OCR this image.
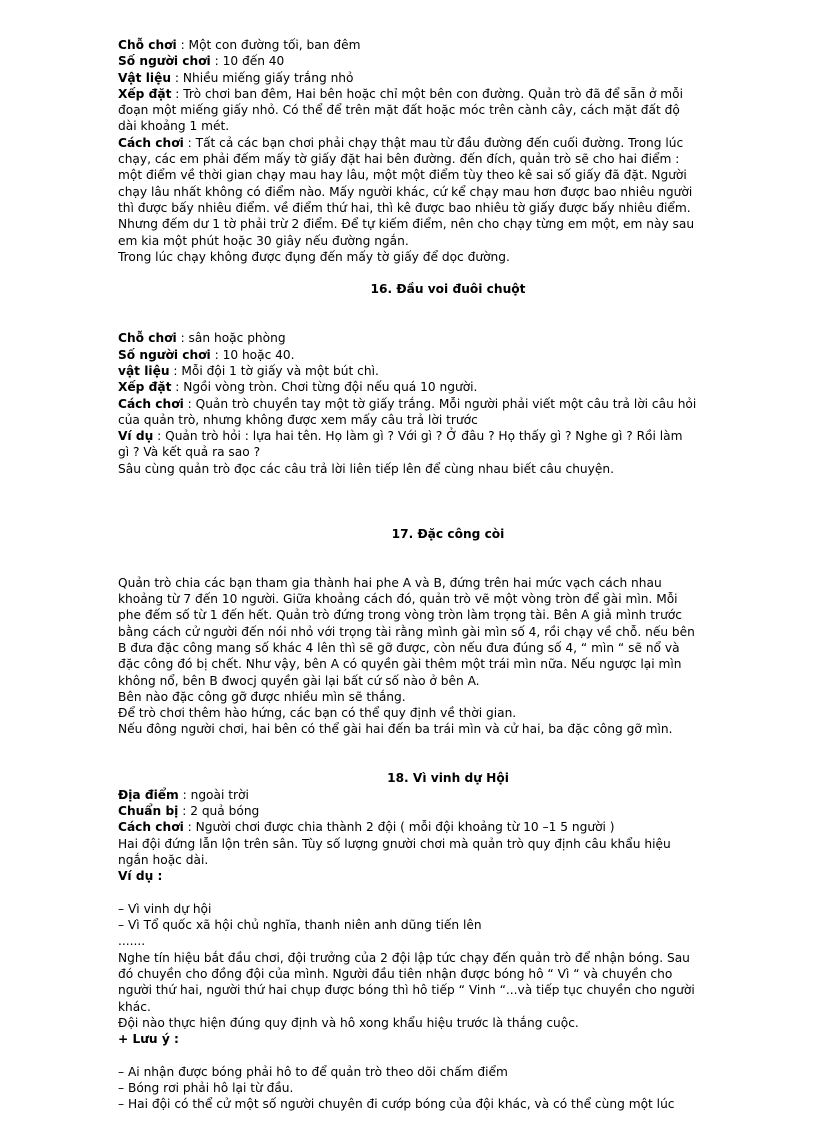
Chỗ chơi : Một con đường tối, ban đêm
Số người chơi : 10 đến 40
Vật liệu : Nhiều miếng giấy trắng nhỏ
Xếp đặt : Trò chơi ban đêm, Hai bên hoặc chỉ một bên con đường. Quản trò đã để sẵn ở mỗi
đoạn một miếng giấy nhỏ. Có thể để trên mặt đất hoặc móc trên cành cây, cách mặt đất độ
dài khoảng 1 mét.
Cách chơi : Tất cả các bạn chơi phải chạy thật mau từ đầu đường đến cuối đường. Trong lúc
chạy, các em phải đếm mấy tờ giấy đặt hai bên đường. đến đích, quản trò sẽ cho hai điểm :
một điểm về thời gian chạy mau hay lâu, một một điểm tùy theo kê sai số giấy đã đặt. Người
chạy lâu nhất không có điểm nào. Mấy người khác, cứ kể chạy mau hơn được bao nhiêu người
thì được bấy nhiêu điểm. về điểm thứ hai, thì kê được bao nhiêu tờ giấy được bấy nhiêu điểm.
Nhưng đếm dư 1 tờ phải trừ 2 điểm. Để tự kiếm điểm, nên cho chạy từng em một, em này sau
em kia một phút hoặc 30 giây nếu đường ngắn.
Trong lúc chạy không được đụng đến mấy tờ giấy để dọc đường.
16. Đầu voi đuôi chuột
Chỗ chơi : sân hoặc phòng
Số người chơi : 10 hoặc 40.
vật liệu : Mỗi đội 1 tờ giấy và một bút chì.
Xếp đặt : Ngồi vòng tròn. Chơi từng đội nếu quá 10 người.
Cách chơi : Quản trò chuyền tay một tờ giấy trắng. Mỗi người phải viết một câu trả lời câu hỏi
của quản trò, nhưng không được xem mấy câu trả lời trước
Ví dụ : Quản trò hỏi : lựa hai tên. Họ làm gì ? Với gì ? Ở đâu ? Họ thấy gì ? Nghe gì ? Rồi làm
gì ? Và kết quả ra sao ?
Sâu cùng quản trò đọc các câu trả lời liên tiếp lên để cùng nhau biết câu chuyện.
17. Đặc công còi
Quản trò chia các bạn tham gia thành hai phe A và B, đứng trên hai mức vạch cách nhau
khoảng từ 7 đến 10 người. Giữa khoảng cách đó, quản trò vẽ một vòng tròn để gài mìn. Mỗi
phe đếm số từ 1 đến hết. Quản trò đứng trong vòng tròn làm trọng tài. Bên A giả mình trước
bằng cách cử người đến nói nhỏ với trọng tài rằng mình gài mìn số 4, rồi chạy về chỗ. nếu bên
B đưa đặc công mang số khác 4 lên thì sẽ gỡ được, còn nếu đưa đúng số 4, “ mìn “ sẽ nổ và
đặc công đó bị chết. Như vậy, bên A có quyền gài thêm một trái mìn nữa. Nếu ngược lại mìn
không nổ, bên B đwocj quyền gài lại bất cứ số nào ở bên A.
Bên nào đặc công gỡ được nhiều mìn sẽ thắng.
Để trò chơi thêm hào hứng, các bạn có thể quy định về thời gian.
Nếu đông người chơi, hai bên có thể gài hai đến ba trái mìn và cử hai, ba đặc công gỡ mìn.
18. Vì vinh dự Hội
Địa điểm : ngoài trời
Chuẩn bị : 2 quả bóng
Cách chơi : Người chơi được chia thành 2 đội ( mỗi đội khoảng từ 10 –1 5 người )
Hai đội đứng lẫn lộn trên sân. Tùy số lượng gnười chơi mà quản trò quy định câu khẩu hiệu
ngắn hoặc dài.
Ví dụ :
– Vì vinh dự hội
– Vì Tổ quốc xã hội chủ nghĩa, thanh niên anh dũng tiến lên
.......
Nghe tín hiệu bắt đầu chơi, đội trưởng của 2 đội lập tức chạy đến quản trò để nhận bóng. Sau
đó chuyền cho đồng đội của mình. Người đầu tiên nhận được bóng hô “ Vì “ và chuyền cho
người thứ hai, người thứ hai chụp được bóng thì hô tiếp “ Vinh “...và tiếp tục chuyền cho người
khác.
Đội nào thực hiện đúng quy định và hô xong khẩu hiệu trước là thắng cuộc.
+ Lưu ý :
– Ai nhận được bóng phải hô to để quản trò theo dõi chấm điểm
– Bóng rơi phải hô lại từ đầu.
– Hai đội có thể cử một số người chuyên đi cướp bóng của đội khác, và có thể cùng một lúc
